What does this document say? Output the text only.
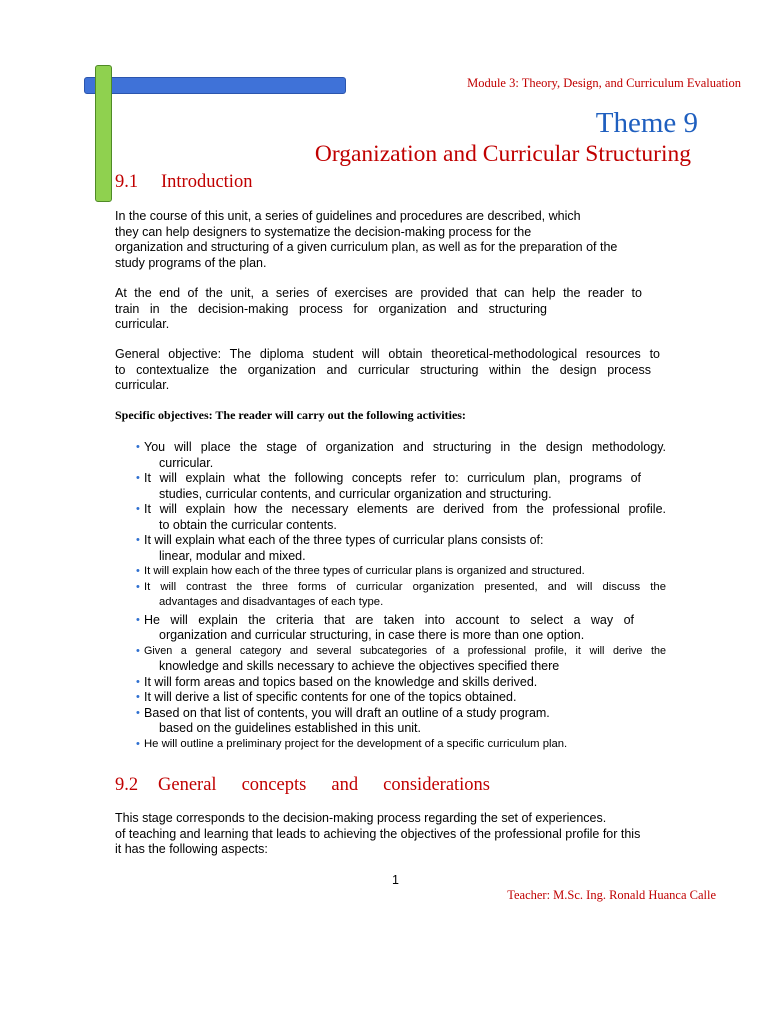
Module 3: Theory, Design, and Curriculum Evaluation
Theme 9
Organization and Curricular Structuring
9.1 Introduction

In the course of this unit, a series of guidelines and procedures are described, which
they can help designers to systematize the decision-making process for the
organization and structuring of a given curriculum plan, as well as for the preparation of the
study programs of the plan.

At the end of the unit, a series of exercises are provided that can help the reader to
train in the decision-making process for organization and structuring
curricular.

General objective: The diploma student will obtain theoretical-methodological resources to
to contextualize the organization and curricular structuring within the design process
curricular.

Specific objectives: The reader will carry out the following activities:
• You will place the stage of organization and structuring in the design methodology.
curricular.
• It will explain what the following concepts refer to: curriculum plan, programs of
studies, curricular contents, and curricular organization and structuring.
• It will explain how the necessary elements are derived from the professional profile.
to obtain the curricular contents.
• It will explain what each of the three types of curricular plans consists of:
linear, modular and mixed.
• It will explain how each of the three types of curricular plans is organized and structured.
• It will contrast the three forms of curricular organization presented, and will discuss the
advantages and disadvantages of each type.
• He will explain the criteria that are taken into account to select a way of
organization and curricular structuring, in case there is more than one option.
• Given a general category and several subcategories of a professional profile, it will derive the
knowledge and skills necessary to achieve the objectives specified there
• It will form areas and topics based on the knowledge and skills derived.
• It will derive a list of specific contents for one of the topics obtained.
• Based on that list of contents, you will draft an outline of a study program.
based on the guidelines established in this unit.
• He will outline a preliminary project for the development of a specific curriculum plan.
9.2 General concepts and considerations

This stage corresponds to the decision-making process regarding the set of experiences.
of teaching and learning that leads to achieving the objectives of the professional profile for this
it has the following aspects:

1
Teacher: M.Sc. Ing. Ronald Huanca Calle
